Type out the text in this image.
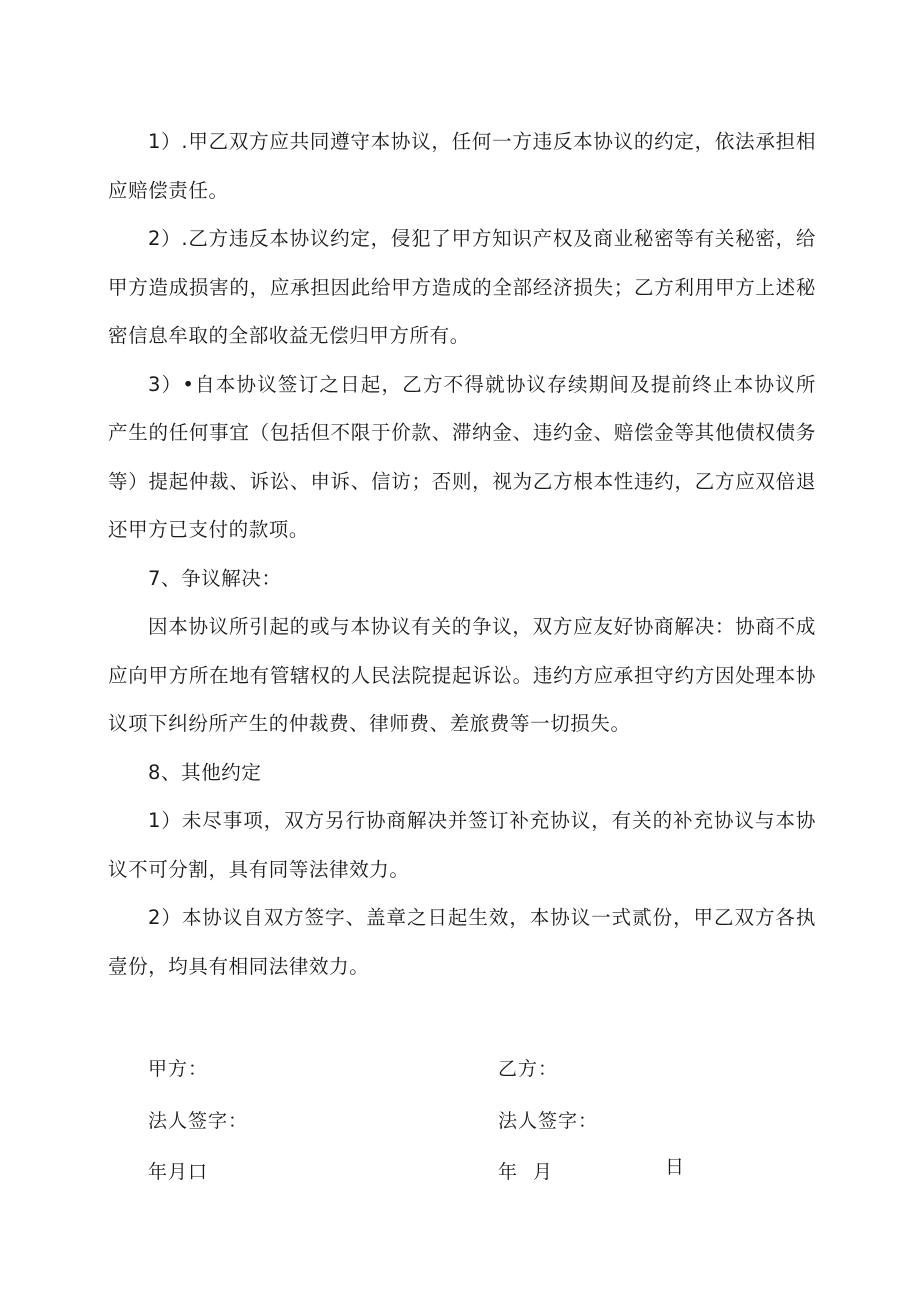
1）.甲乙双方应共同遵守本协议，任何一方违反本协议的约定，依法承担相应赔偿责任。

2）.乙方违反本协议约定，侵犯了甲方知识产权及商业秘密等有关秘密，给甲方造成损害的，应承担因此给甲方造成的全部经济损失；乙方利用甲方上述秘密信息牟取的全部收益无偿归甲方所有。

3）•自本协议签订之日起，乙方不得就协议存续期间及提前终止本协议所产生的任何事宜（包括但不限于价款、滞纳金、违约金、赔偿金等其他债权债务等）提起仲裁、诉讼、申诉、信访；否则，视为乙方根本性违约，乙方应双倍退还甲方已支付的款项。

7、争议解决：

因本协议所引起的或与本协议有关的争议，双方应友好协商解决：协商不成应向甲方所在地有管辖权的人民法院提起诉讼。违约方应承担守约方因处理本协议项下纠纷所产生的仲裁费、律师费、差旅费等一切损失。

8、其他约定

1）未尽事项，双方另行协商解决并签订补充协议，有关的补充协议与本协议不可分割，具有同等法律效力。

2）本协议自双方签字、盖章之日起生效，本协议一式贰份，甲乙双方各执壹份，均具有相同法律效力。

甲方：	乙方：
法人签字：	法人签字：
年月口	年 月	日
